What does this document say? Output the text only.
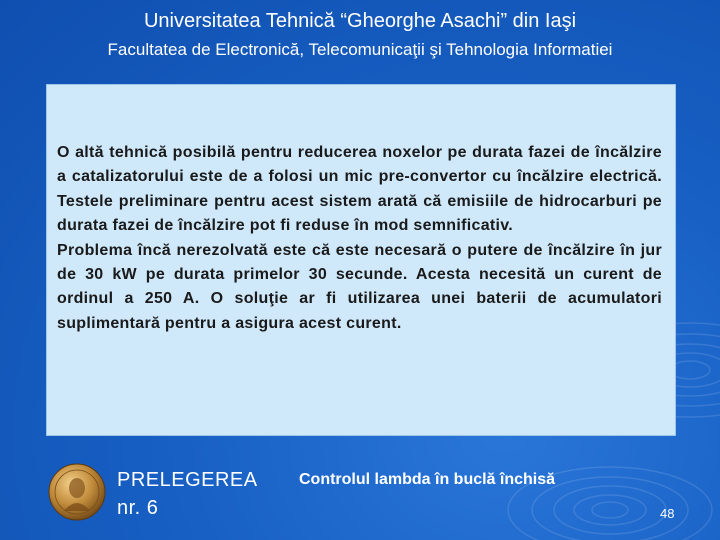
Universitatea Tehnică “Gheorghe Asachi” din Iaşi
Facultatea de Electronică, Telecomunicaţii şi Tehnologia Informatiei

O altă tehnică posibilă pentru reducerea noxelor pe durata fazei de încălzire a catalizatorului este de a folosi un mic pre-convertor cu încălzire electrică. Testele preliminare pentru acest sistem arată că emisiile de hidrocarburi pe durata fazei de încălzire pot fi reduse în mod semnificativ.

Problema încă nerezolvată este că este necesară o putere de încălzire în jur de 30 kW pe durata primelor 30 secunde. Acesta necesită un curent de ordinul a 250 A. O soluţie ar fi utilizarea unei baterii de acumulatori suplimentară pentru a asigura acest curent.

PRELEGEREA
nr. 6
Controlul lambda în buclă închisă
48
